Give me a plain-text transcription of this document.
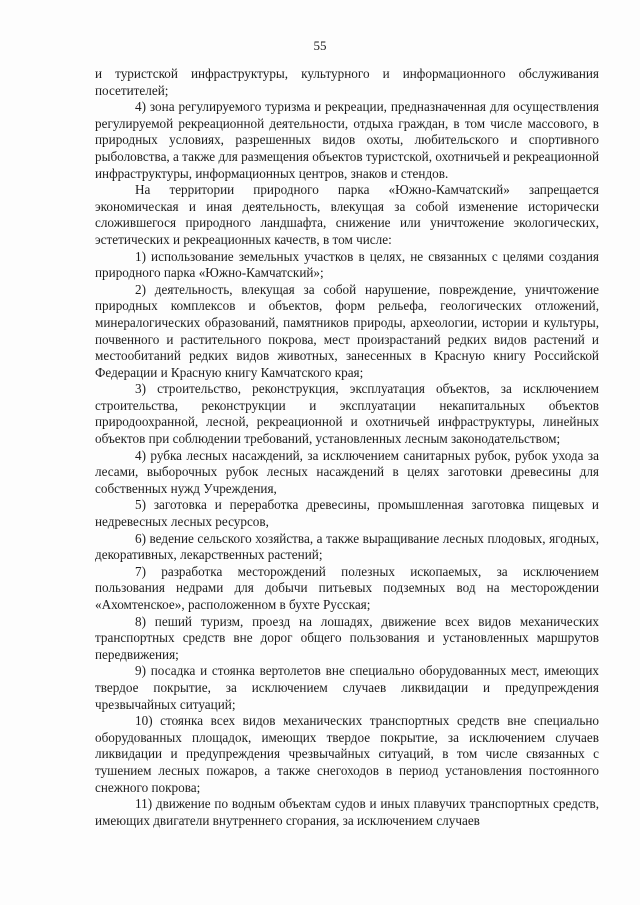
55

и туристской инфраструктуры, культурного и информационного обслуживания посетителей;

4) зона регулируемого туризма и рекреации, предназначенная для осуществления регулируемой рекреационной деятельности, отдыха граждан, в том числе массового, в природных условиях, разрешенных видов охоты, любительского и спортивного рыболовства, а также для размещения объектов туристской, охотничьей и рекреационной инфраструктуры, информационных центров, знаков и стендов.

На территории природного парка «Южно-Камчатский» запрещается экономическая и иная деятельность, влекущая за собой изменение исторически сложившегося природного ландшафта, снижение или уничтожение экологических, эстетических и рекреационных качеств, в том числе:

1) использование земельных участков в целях, не связанных с целями создания природного парка «Южно-Камчатский»;

2) деятельность, влекущая за собой нарушение, повреждение, уничтожение природных комплексов и объектов, форм рельефа, геологических отложений, минералогических образований, памятников природы, археологии, истории и культуры, почвенного и растительного покрова, мест произрастаний редких видов растений и местообитаний редких видов животных, занесенных в Красную книгу Российской Федерации и Красную книгу Камчатского края;

3) строительство, реконструкция, эксплуатация объектов, за исключением строительства, реконструкции и эксплуатации некапитальных объектов природоохранной, лесной, рекреационной и охотничьей инфраструктуры, линейных объектов при соблюдении требований, установленных лесным законодательством;

4) рубка лесных насаждений, за исключением санитарных рубок, рубок ухода за лесами, выборочных рубок лесных насаждений в целях заготовки древесины для собственных нужд Учреждения,

5) заготовка и переработка древесины, промышленная заготовка пищевых и недревесных лесных ресурсов,

6) ведение сельского хозяйства, а также выращивание лесных плодовых, ягодных, декоративных, лекарственных растений;

7) разработка месторождений полезных ископаемых, за исключением пользования недрами для добычи питьевых подземных вод на месторождении «Ахомтенское», расположенном в бухте Русская;

8) пеший туризм, проезд на лошадях, движение всех видов механических транспортных средств вне дорог общего пользования и установленных маршрутов передвижения;

9) посадка и стоянка вертолетов вне специально оборудованных мест, имеющих твердое покрытие, за исключением случаев ликвидации и предупреждения чрезвычайных ситуаций;

10) стоянка всех видов механических транспортных средств вне специально оборудованных площадок, имеющих твердое покрытие, за исключением случаев ликвидации и предупреждения чрезвычайных ситуаций, в том числе связанных с тушением лесных пожаров, а также снегоходов в период установления постоянного снежного покрова;

11) движение по водным объектам судов и иных плавучих транспортных средств, имеющих двигатели внутреннего сгорания, за исключением случаев
